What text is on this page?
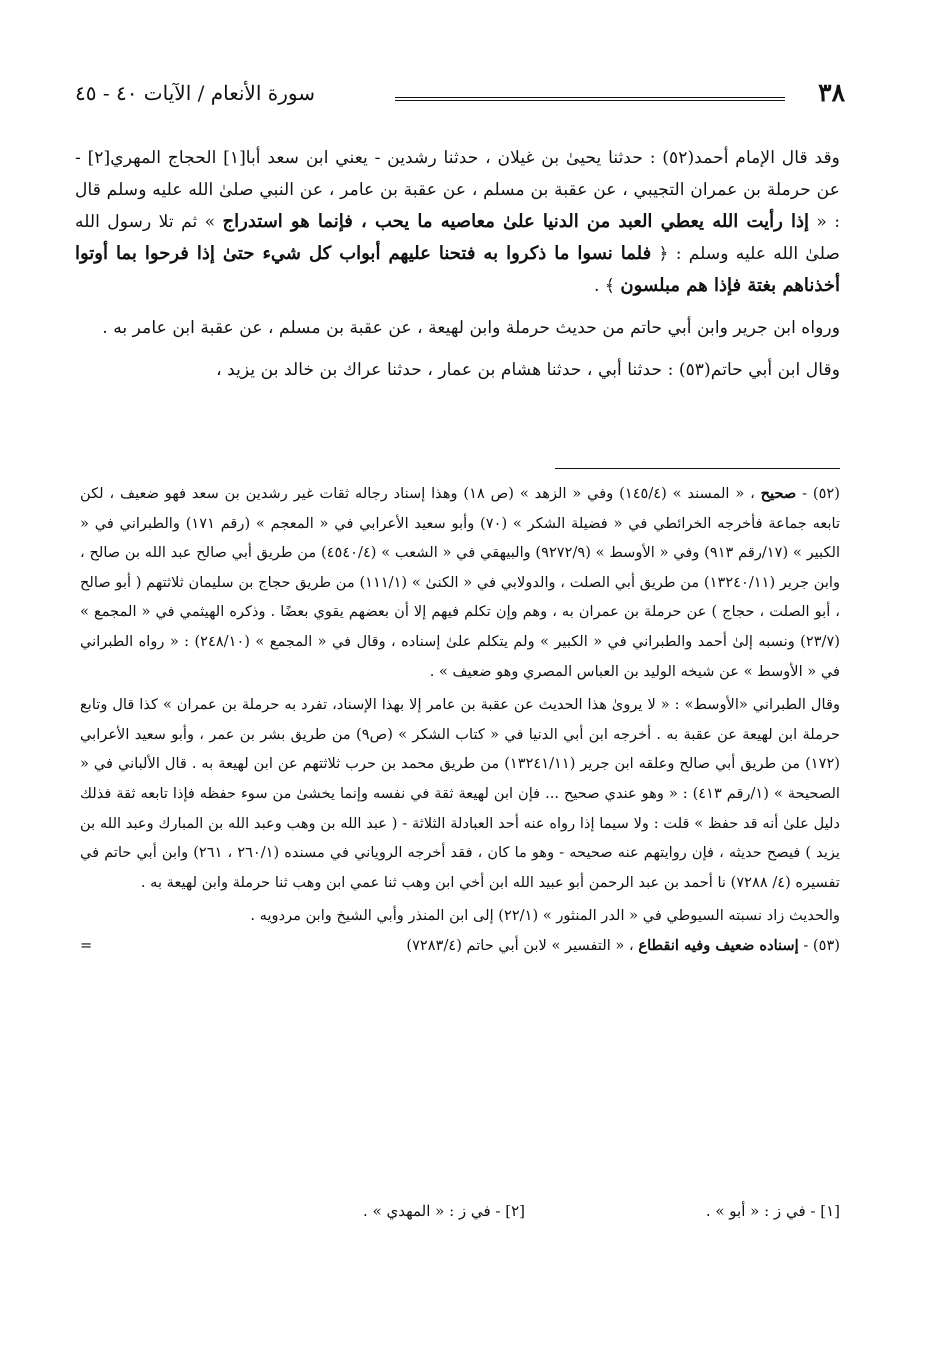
٣٨
سورة الأنعام / الآيات ٤٠ - ٤٥

وقد قال الإمام أحمد(٥٢) : حدثنا يحيىٰ بن غيلان ، حدثنا رشدين - يعني ابن سعد أبا[١] الحجاج المهري[٢] - عن حرملة بن عمران التجيبي ، عن عقبة بن مسلم ، عن عقبة بن عامر ، عن النبي صلىٰ الله عليه وسلم قال : « إذا رأيت الله يعطي العبد من الدنيا علىٰ معاصيه ما يحب ، فإنما هو استدراج » ثم تلا رسول الله صلىٰ الله عليه وسلم : ﴿ فلما نسوا ما ذكروا به فتحنا عليهم أبواب كل شيء حتىٰ إذا فرحوا بما أوتوا أخذناهم بغتة فإذا هم مبلسون ﴾ .

ورواه ابن جرير وابن أبي حاتم من حديث حرملة وابن لهيعة ، عن عقبة بن مسلم ، عن عقبة ابن عامر به .

وقال ابن أبي حاتم(٥٣) : حدثنا أبي ، حدثنا هشام بن عمار ، حدثنا عراك بن خالد بن يزيد ،

(٥٢) - صحيح ، « المسند » (١٤٥/٤) وفي « الزهد » (ص ١٨) وهذا إسناد رجاله ثقات غير رشدين بن سعد فهو ضعيف ، لكن تابعه جماعة فأخرجه الخرائطي في « فضيلة الشكر » (٧٠) وأبو سعيد الأعرابي في « المعجم » (رقم ١٧١) والطبراني في « الكبير » (١٧/رقم ٩١٣) وفي « الأوسط » (٩٢٧٢/٩) والبيهقي في « الشعب » (٤٥٤٠/٤) من طريق أبي صالح عبد الله بن صالح ، وابن جرير (١٣٢٤٠/١١) من طريق أبي الصلت ، والدولابي في « الكنىٰ » (١١١/١) من طريق حجاج بن سليمان ثلاثتهم ( أبو صالح ، أبو الصلت ، حجاج ) عن حرملة بن عمران به ، وهم وإن تكلم فيهم إلا أن بعضهم يقوي بعضًا . وذكره الهيثمي في « المجمع » (٢٣/٧) ونسبه إلىٰ أحمد والطبراني في « الكبير » ولم يتكلم علىٰ إسناده ، وقال في « المجمع » (٢٤٨/١٠) : « رواه الطبراني في « الأوسط » عن شيخه الوليد بن العباس المصري وهو ضعيف » .

وقال الطبراني «الأوسط» : « لا يروىٰ هذا الحديث عن عقبة بن عامر إلا بهذا الإسناد، تفرد به حرملة بن عمران » كذا قال وتابع حرملة ابن لهيعة عن عقبة به . أخرجه ابن أبي الدنيا في « كتاب الشكر » (ص٩) من طريق بشر بن عمر ، وأبو سعيد الأعرابي (١٧٢) من طريق أبي صالح وعلقه ابن جرير (١٣٢٤١/١١) من طريق محمد بن حرب ثلاثتهم عن ابن لهيعة به . قال الألباني في « الصحيحة » (١/رقم ٤١٣) : « وهو عندي صحيح ... فإن ابن لهيعة ثقة في نفسه وإنما يخشىٰ من سوء حفظه فإذا تابعه ثقة فذلك دليل علىٰ أنه قد حفظ » قلت : ولا سيما إذا رواه عنه أحد العبادلة الثلاثة - ( عبد الله بن وهب وعبد الله بن المبارك وعبد الله بن يزيد ) فيصح حديثه ، فإن روايتهم عنه صحيحه - وهو ما كان ، فقد أخرجه الروياني في مسنده (٢٦٠/١ ، ٢٦١) وابن أبي حاتم في تفسيره (٤/ ٧٢٨٨) نا أحمد بن عبد الرحمن أبو عبيد الله ابن أخي ابن وهب ثنا عمي ابن وهب ثنا حرملة وابن لهيعة به .

والحديث زاد نسبته السيوطي في « الدر المنثور » (٢٢/١) إلى ابن المنذر وأبي الشيخ وابن مردويه .

(٥٣) - إسناده ضعيف وفيه انقطاع ، « التفسير » لابن أبي حاتم (٧٢٨٣/٤)
=

[١] - في ز : « أبو » .
[٢] - في ز : « المهدي » .
